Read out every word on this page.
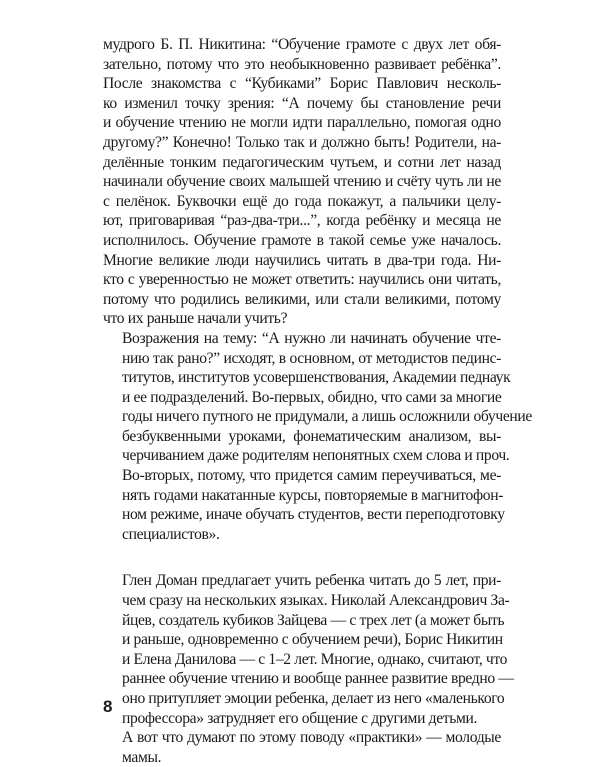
мудрого Б. П. Никитина: “Обучение грамоте с двух лет обя-
зательно, потому что это необыкновенно развивает ребёнка”.
После знакомства с “Кубиками” Борис Павлович несколь-
ко изменил точку зрения: “А почему бы становление речи
и обучение чтению не могли идти параллельно, помогая одно
другому?” Конечно! Только так и должно быть! Родители, на-
делённые тонким педагогическим чутьем, и сотни лет назад
начинали обучение своих малышей чтению и счёту чуть ли не
с пелёнок. Буквочки ещё до года покажут, а пальчики целу-
ют, приговаривая “раз-два-три...”, когда ребёнку и месяца не
исполнилось. Обучение грамоте в такой семье уже началось.
Многие великие люди научились читать в два-три года. Ни-
кто с уверенностью не может ответить: научились они читать,
потому что родились великими, или стали великими, потому
что их раньше начали учить?
Возражения на тему: “А нужно ли начинать обучение чте-
нию так рано?” исходят, в основном, от методистов пединс-
титутов, институтов усовершенствования, Академии педнаук
и ее подразделений. Во-первых, обидно, что сами за многие
годы ничего путного не придумали, а лишь осложнили обучение
безбуквенными уроками, фонематическим анализом, вы-
черчиванием даже родителям непонятных схем слова и проч.
Во-вторых, потому, что придется самим переучиваться, ме-
нять годами накатанные курсы, повторяемые в магнитофон-
ном режиме, иначе обучать студентов, вести переподготовку
специалистов».
Глен Доман предлагает учить ребенка читать до 5 лет, при-
чем сразу на нескольких языках. Николай Александрович За-
йцев, создатель кубиков Зайцева — с трех лет (а может быть
и раньше, одновременно с обучением речи), Борис Никитин
и Елена Данилова — с 1–2 лет. Многие, однако, считают, что
раннее обучение чтению и вообще раннее развитие вредно —
оно притупляет эмоции ребенка, делает из него «маленького
профессора» затрудняет его общение с другими детьми.
А вот что думают по этому поводу «практики» — молодые
мамы.
8
